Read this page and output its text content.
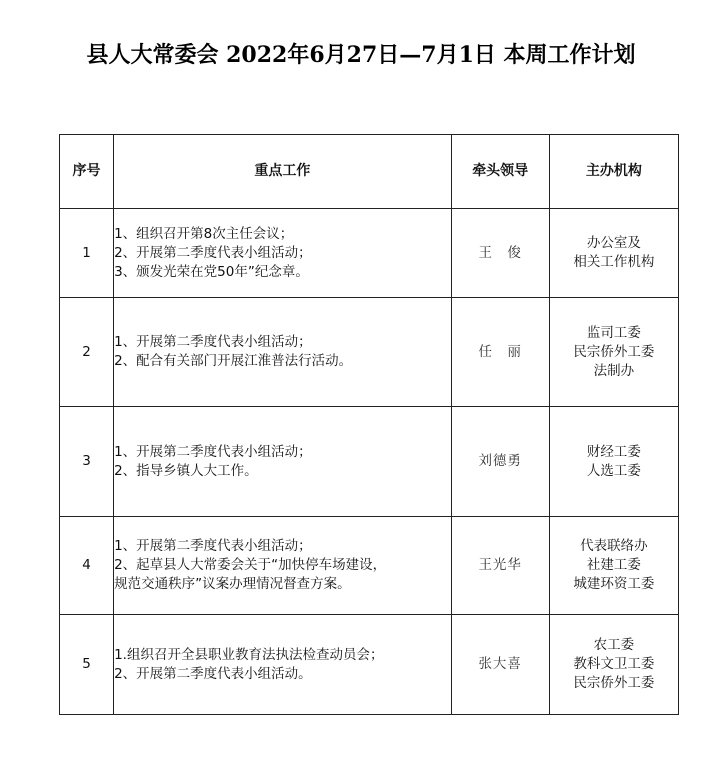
县人大常委会 2022年6月27日—7月1日 本周工作计划
序号	重点工作	牵头领导	主办机构
1	1、组织召开第8次主任会议；
2、开展第二季度代表小组活动；
3、颁发光荣在党50年”纪念章。	王　俊	办公室及
相关工作机构

2	1、开展第二季度代表小组活动；
2、配合有关部门开展江淮普法行活动。	任　丽	监司工委
民宗侨外工委
法制办

3	1、开展第二季度代表小组活动；
2、指导乡镇人大工作。	刘德勇	财经工委
人选工委

4	1、开展第二季度代表小组活动；
2、起草县人大常委会关于“加快停车场建设，
规范交通秩序”议案办理情况督查方案。	王光华	代表联络办
社建工委
城建环资工委

5	1.组织召开全县职业教育法执法检查动员会；
2、开展第二季度代表小组活动。	张大喜	农工委
教科文卫工委
民宗侨外工委
